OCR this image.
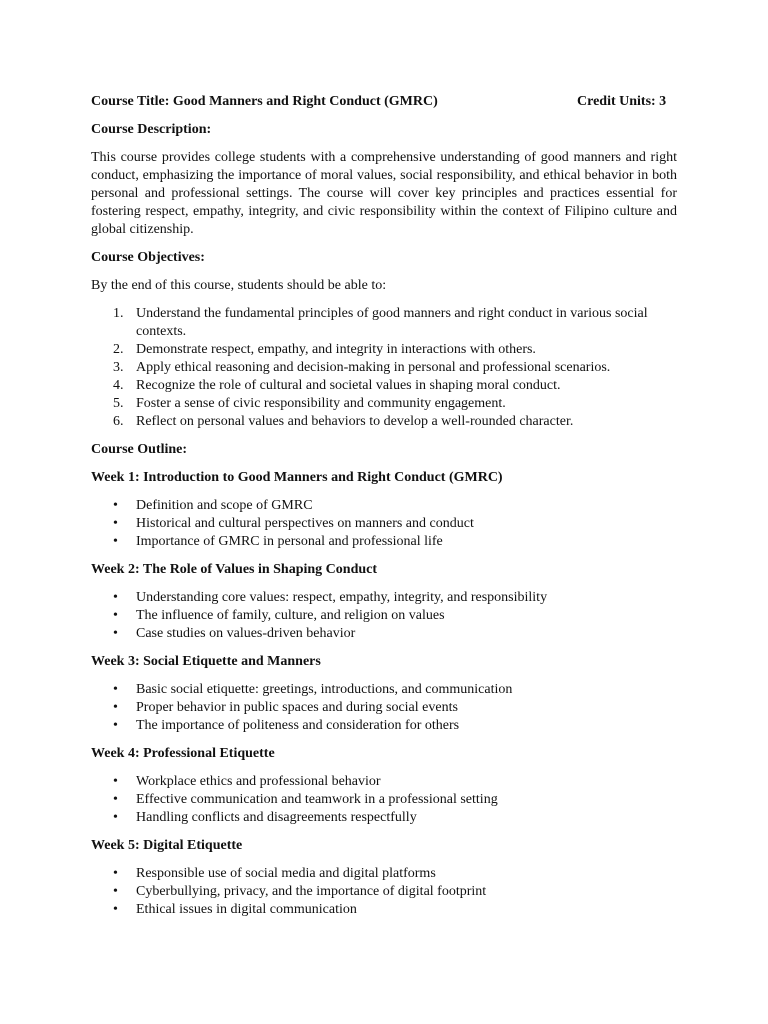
Course Title: Good Manners and Right Conduct (GMRC)	Credit Units: 3
Course Description:
This course provides college students with a comprehensive understanding of good manners and right conduct, emphasizing the importance of moral values, social responsibility, and ethical behavior in both personal and professional settings. The course will cover key principles and practices essential for fostering respect, empathy, integrity, and civic responsibility within the context of Filipino culture and global citizenship.
Course Objectives:
By the end of this course, students should be able to:
1. Understand the fundamental principles of good manners and right conduct in various social contexts.
2. Demonstrate respect, empathy, and integrity in interactions with others.
3. Apply ethical reasoning and decision-making in personal and professional scenarios.
4. Recognize the role of cultural and societal values in shaping moral conduct.
5. Foster a sense of civic responsibility and community engagement.
6. Reflect on personal values and behaviors to develop a well-rounded character.
Course Outline:
Week 1: Introduction to Good Manners and Right Conduct (GMRC)
• Definition and scope of GMRC
• Historical and cultural perspectives on manners and conduct
• Importance of GMRC in personal and professional life
Week 2: The Role of Values in Shaping Conduct
• Understanding core values: respect, empathy, integrity, and responsibility
• The influence of family, culture, and religion on values
• Case studies on values-driven behavior
Week 3: Social Etiquette and Manners
• Basic social etiquette: greetings, introductions, and communication
• Proper behavior in public spaces and during social events
• The importance of politeness and consideration for others
Week 4: Professional Etiquette
• Workplace ethics and professional behavior
• Effective communication and teamwork in a professional setting
• Handling conflicts and disagreements respectfully
Week 5: Digital Etiquette
• Responsible use of social media and digital platforms
• Cyberbullying, privacy, and the importance of digital footprint
• Ethical issues in digital communication
